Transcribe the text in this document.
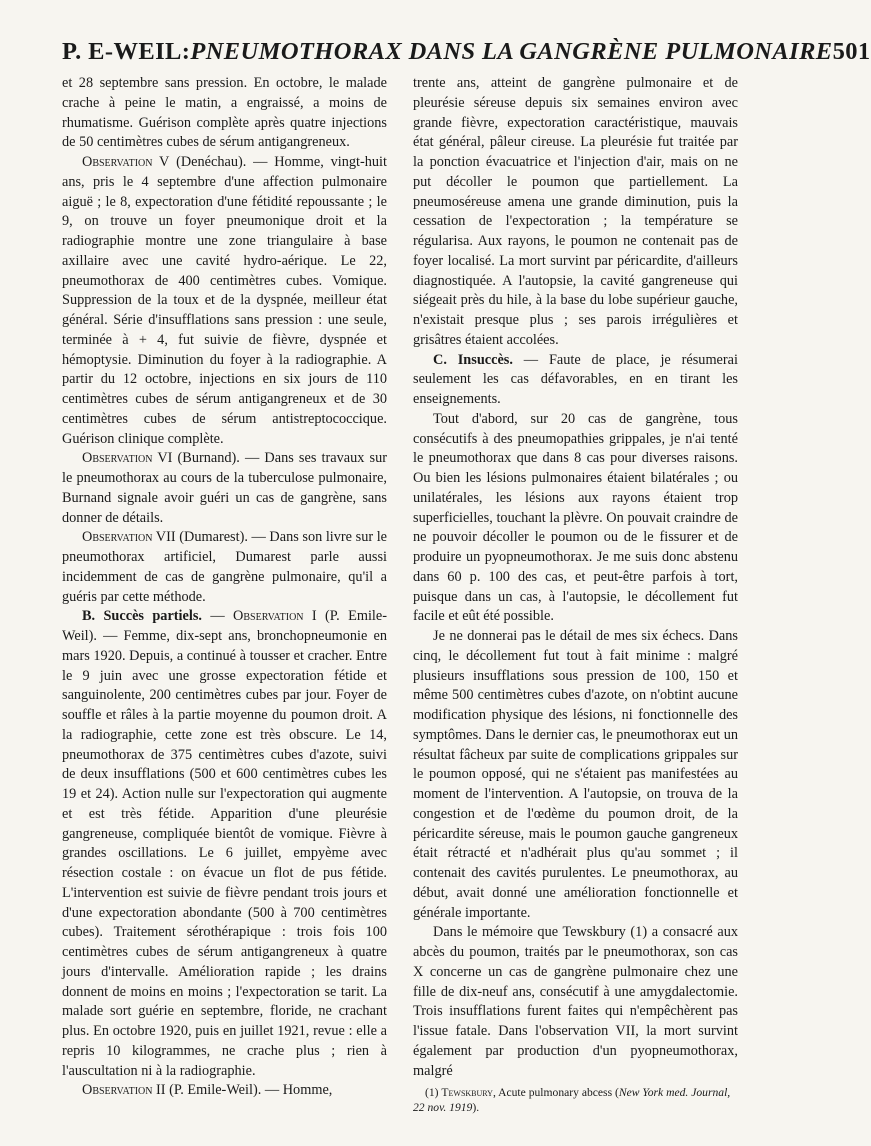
P. E-WEIL: PNEUMOTHORAX DANS LA GANGRÈNE PULMONAIRE 501

et 28 septembre sans pression. En octobre, le malade crache à peine le matin, a engraissé, a moins de rhumatisme. Guérison complète après quatre injections de 50 centimètres cubes de sérum antigangreneux.

Observation V (Denéchau). — Homme, vingt-huit ans, pris le 4 septembre d'une affection pulmonaire aiguë ; le 8, expectoration d'une fétidité repoussante ; le 9, on trouve un foyer pneumonique droit et la radiographie montre une zone triangulaire à base axillaire avec une cavité hydro-aérique. Le 22, pneumothorax de 400 centimètres cubes. Vomique. Suppression de la toux et de la dyspnée, meilleur état général. Série d'insufflations sans pression : une seule, terminée à + 4, fut suivie de fièvre, dyspnée et hémoptysie. Diminution du foyer à la radiographie. A partir du 12 octobre, injections en six jours de 110 centimètres cubes de sérum antigangreneux et de 30 centimètres cubes de sérum antistreptococcique. Guérison clinique complète.

Observation VI (Burnand). — Dans ses travaux sur le pneumothorax au cours de la tuberculose pulmonaire, Burnand signale avoir guéri un cas de gangrène, sans donner de détails.

Observation VII (Dumarest). — Dans son livre sur le pneumothorax artificiel, Dumarest parle aussi incidemment de cas de gangrène pulmonaire, qu'il a guéris par cette méthode.

B. Succès partiels. — Observation I (P. Emile-Weil). — Femme, dix-sept ans, bronchopneumonie en mars 1920. Depuis, a continué à tousser et cracher. Entre le 9 juin avec une grosse expectoration fétide et sanguinolente, 200 centimètres cubes par jour. Foyer de souffle et râles à la partie moyenne du poumon droit. A la radiographie, cette zone est très obscure. Le 14, pneumothorax de 375 centimètres cubes d'azote, suivi de deux insufflations (500 et 600 centimètres cubes les 19 et 24). Action nulle sur l'expectoration qui augmente et est très fétide. Apparition d'une pleurésie gangreneuse, compliquée bientôt de vomique. Fièvre à grandes oscillations. Le 6 juillet, empyème avec résection costale : on évacue un flot de pus fétide. L'intervention est suivie de fièvre pendant trois jours et d'une expectoration abondante (500 à 700 centimètres cubes). Traitement sérothérapique : trois fois 100 centimètres cubes de sérum antigangreneux à quatre jours d'intervalle. Amélioration rapide ; les drains donnent de moins en moins ; l'expectoration se tarit. La malade sort guérie en septembre, floride, ne crachant plus. En octobre 1920, puis en juillet 1921, revue : elle a repris 10 kilogrammes, ne crache plus ; rien à l'auscultation ni à la radiographie.

Observation II (P. Emile-Weil). — Homme,

trente ans, atteint de gangrène pulmonaire et de pleurésie séreuse depuis six semaines environ avec grande fièvre, expectoration caractéristique, mauvais état général, pâleur cireuse. La pleurésie fut traitée par la ponction évacuatrice et l'injection d'air, mais on ne put décoller le poumon que partiellement. La pneumoséreuse amena une grande diminution, puis la cessation de l'expectoration ; la température se régularisa. Aux rayons, le poumon ne contenait pas de foyer localisé. La mort survint par péricardite, d'ailleurs diagnostiquée. A l'autopsie, la cavité gangreneuse qui siégeait près du hile, à la base du lobe supérieur gauche, n'existait presque plus ; ses parois irrégulières et grisâtres étaient accolées.

C. Insuccès. — Faute de place, je résumerai seulement les cas défavorables, en en tirant les enseignements.

Tout d'abord, sur 20 cas de gangrène, tous consécutifs à des pneumopathies grippales, je n'ai tenté le pneumothorax que dans 8 cas pour diverses raisons. Ou bien les lésions pulmonaires étaient bilatérales ; ou unilatérales, les lésions aux rayons étaient trop superficielles, touchant la plèvre. On pouvait craindre de ne pouvoir décoller le poumon ou de le fissurer et de produire un pyopneumothorax. Je me suis donc abstenu dans 60 p. 100 des cas, et peut-être parfois à tort, puisque dans un cas, à l'autopsie, le décollement fut facile et eût été possible.

Je ne donnerai pas le détail de mes six échecs. Dans cinq, le décollement fut tout à fait minime : malgré plusieurs insufflations sous pression de 100, 150 et même 500 centimètres cubes d'azote, on n'obtint aucune modification physique des lésions, ni fonctionnelle des symptômes. Dans le dernier cas, le pneumothorax eut un résultat fâcheux par suite de complications grippales sur le poumon opposé, qui ne s'étaient pas manifestées au moment de l'intervention. A l'autopsie, on trouva de la congestion et de l'œdème du poumon droit, de la péricardite séreuse, mais le poumon gauche gangreneux était rétracté et n'adhérait plus qu'au sommet ; il contenait des cavités purulentes. Le pneumothorax, au début, avait donné une amélioration fonctionnelle et générale importante.

Dans le mémoire que Tewskbury (1) a consacré aux abcès du poumon, traités par le pneumothorax, son cas X concerne un cas de gangrène pulmonaire chez une fille de dix-neuf ans, consécutif à une amygdalectomie. Trois insufflations furent faites qui n'empêchèrent pas l'issue fatale. Dans l'observation VII, la mort survint également par production d'un pyopneumothorax, malgré

(1) Tewskbury, Acute pulmonary abcess (New York med. Journal, 22 nov. 1919).
